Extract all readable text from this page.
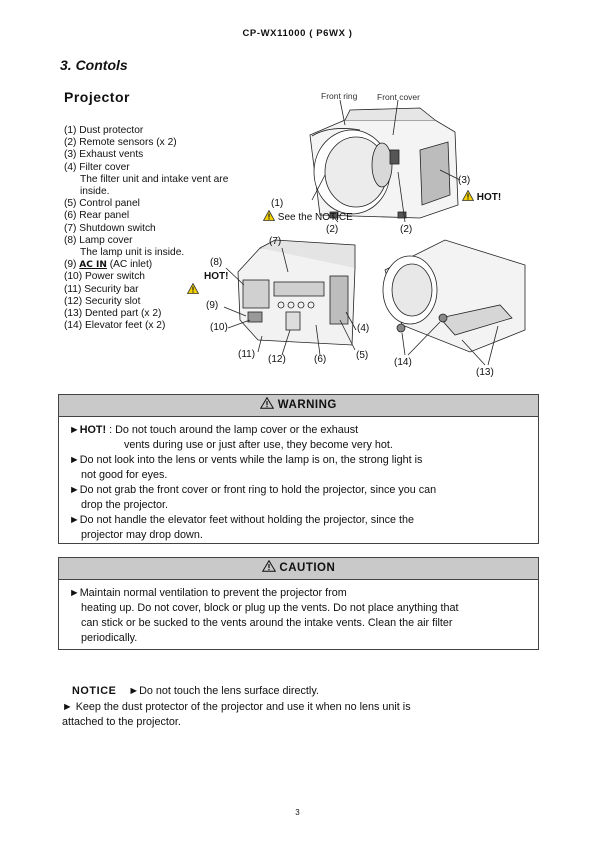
CP-WX11000 ( P6WX )
3. Contols
Projector
(1) Dust protector
(2) Remote sensors (x 2)
(3) Exhaust vents
(4) Filter cover
The filter unit and intake vent are
inside.
(5) Control panel
(6) Rear panel
(7) Shutdown switch
(8) Lamp cover
The lamp unit is inside.
(9) AC IN (AC inlet)
(10) Power switch
(11) Security bar
(12) Security slot
(13) Dented part (x 2)
(14) Elevator feet (x 2)
Front ring Front cover
(1)
See the NOTICE
(2)	(2)
(3)
HOT!
(7)
(8)
HOT!
(9)
(10)
(11) (12)	(6)	(5)
(4)
(14)
(13)
WARNING

►HOT! : Do not touch around the lamp cover or the exhaust

vents during use or just after use, they become very hot.

►Do not look into the lens or vents while the lamp is on, the strong light is

not good for eyes.

►Do not grab the front cover or front ring to hold the projector, since you can

drop the projector.

►Do not handle the elevator feet without holding the projector, since the

projector may drop down.

CAUTION

►Maintain normal ventilation to prevent the projector from

heating up. Do not cover, block or plug up the vents. Do not place anything that

can stick or be sucked to the vents around the intake vents. Clean the air filter

periodically.

NOTICE ►Do not touch the lens surface directly.
► Keep the dust protector of the projector and use it when no lens unit is
attached to the projector.
3
